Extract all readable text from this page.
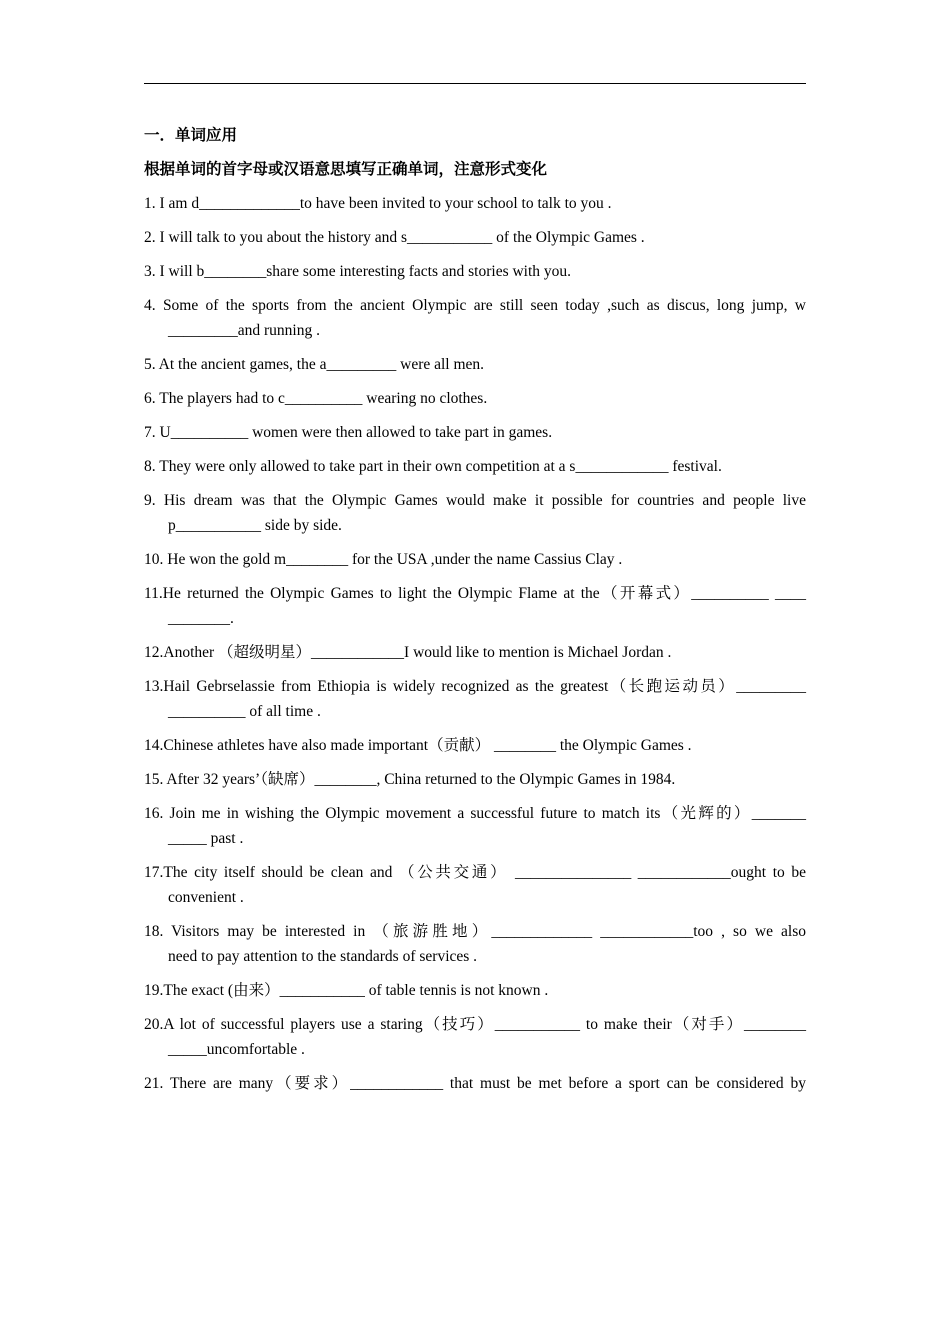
一．单词应用
根据单词的首字母或汉语意思填写正确单词，注意形式变化
1. I am d_____________to have been invited to your school to talk to you .
2. I will talk to you about the history and s___________ of the Olympic Games .
3. I will b________share some interesting facts and stories with you.
4. Some of the sports from the ancient Olympic are still seen today ,such as discus, long jump, w
_________and running .
5. At the ancient games, the a_________ were all men.
6. The players had to c__________ wearing no clothes.
7. U__________ women were then allowed to take part in games.
8. They were only allowed to take part in their own competition at a s____________ festival.
9. His dream was that the Olympic Games would make it possible for countries and people live
p___________ side by side.
10. He won the gold m________ for the USA ,under the name Cassius Clay .
11.He returned the Olympic Games to light the Olympic Flame at the（开幕式）__________ ____
________.
12.Another （超级明星）____________I would like to mention is Michael Jordan .
13.Hail Gebrselassie from Ethiopia is widely recognized as the greatest（长跑运动员）_________
__________ of all time .
14.Chinese athletes have also made important（贡献） ________ the Olympic Games .
15. After 32 years’（缺席）________, China returned to the Olympic Games in 1984.
16. Join me in wishing the Olympic movement a successful future to match its（光辉的）_______
_____ past .
17.The city itself should be clean and （公共交通） _______________ ____________ought to be
convenient .
18. Visitors may be interested in （旅游胜地）_____________ ____________too , so we also
need to pay attention to the standards of services .
19.The exact (由来）___________ of table tennis is not known .
20.A lot of successful players use a staring（技巧）___________ to make their（对手）________
_____uncomfortable .
21. There are many（要求）____________ that must be met before a sport can be considered by
